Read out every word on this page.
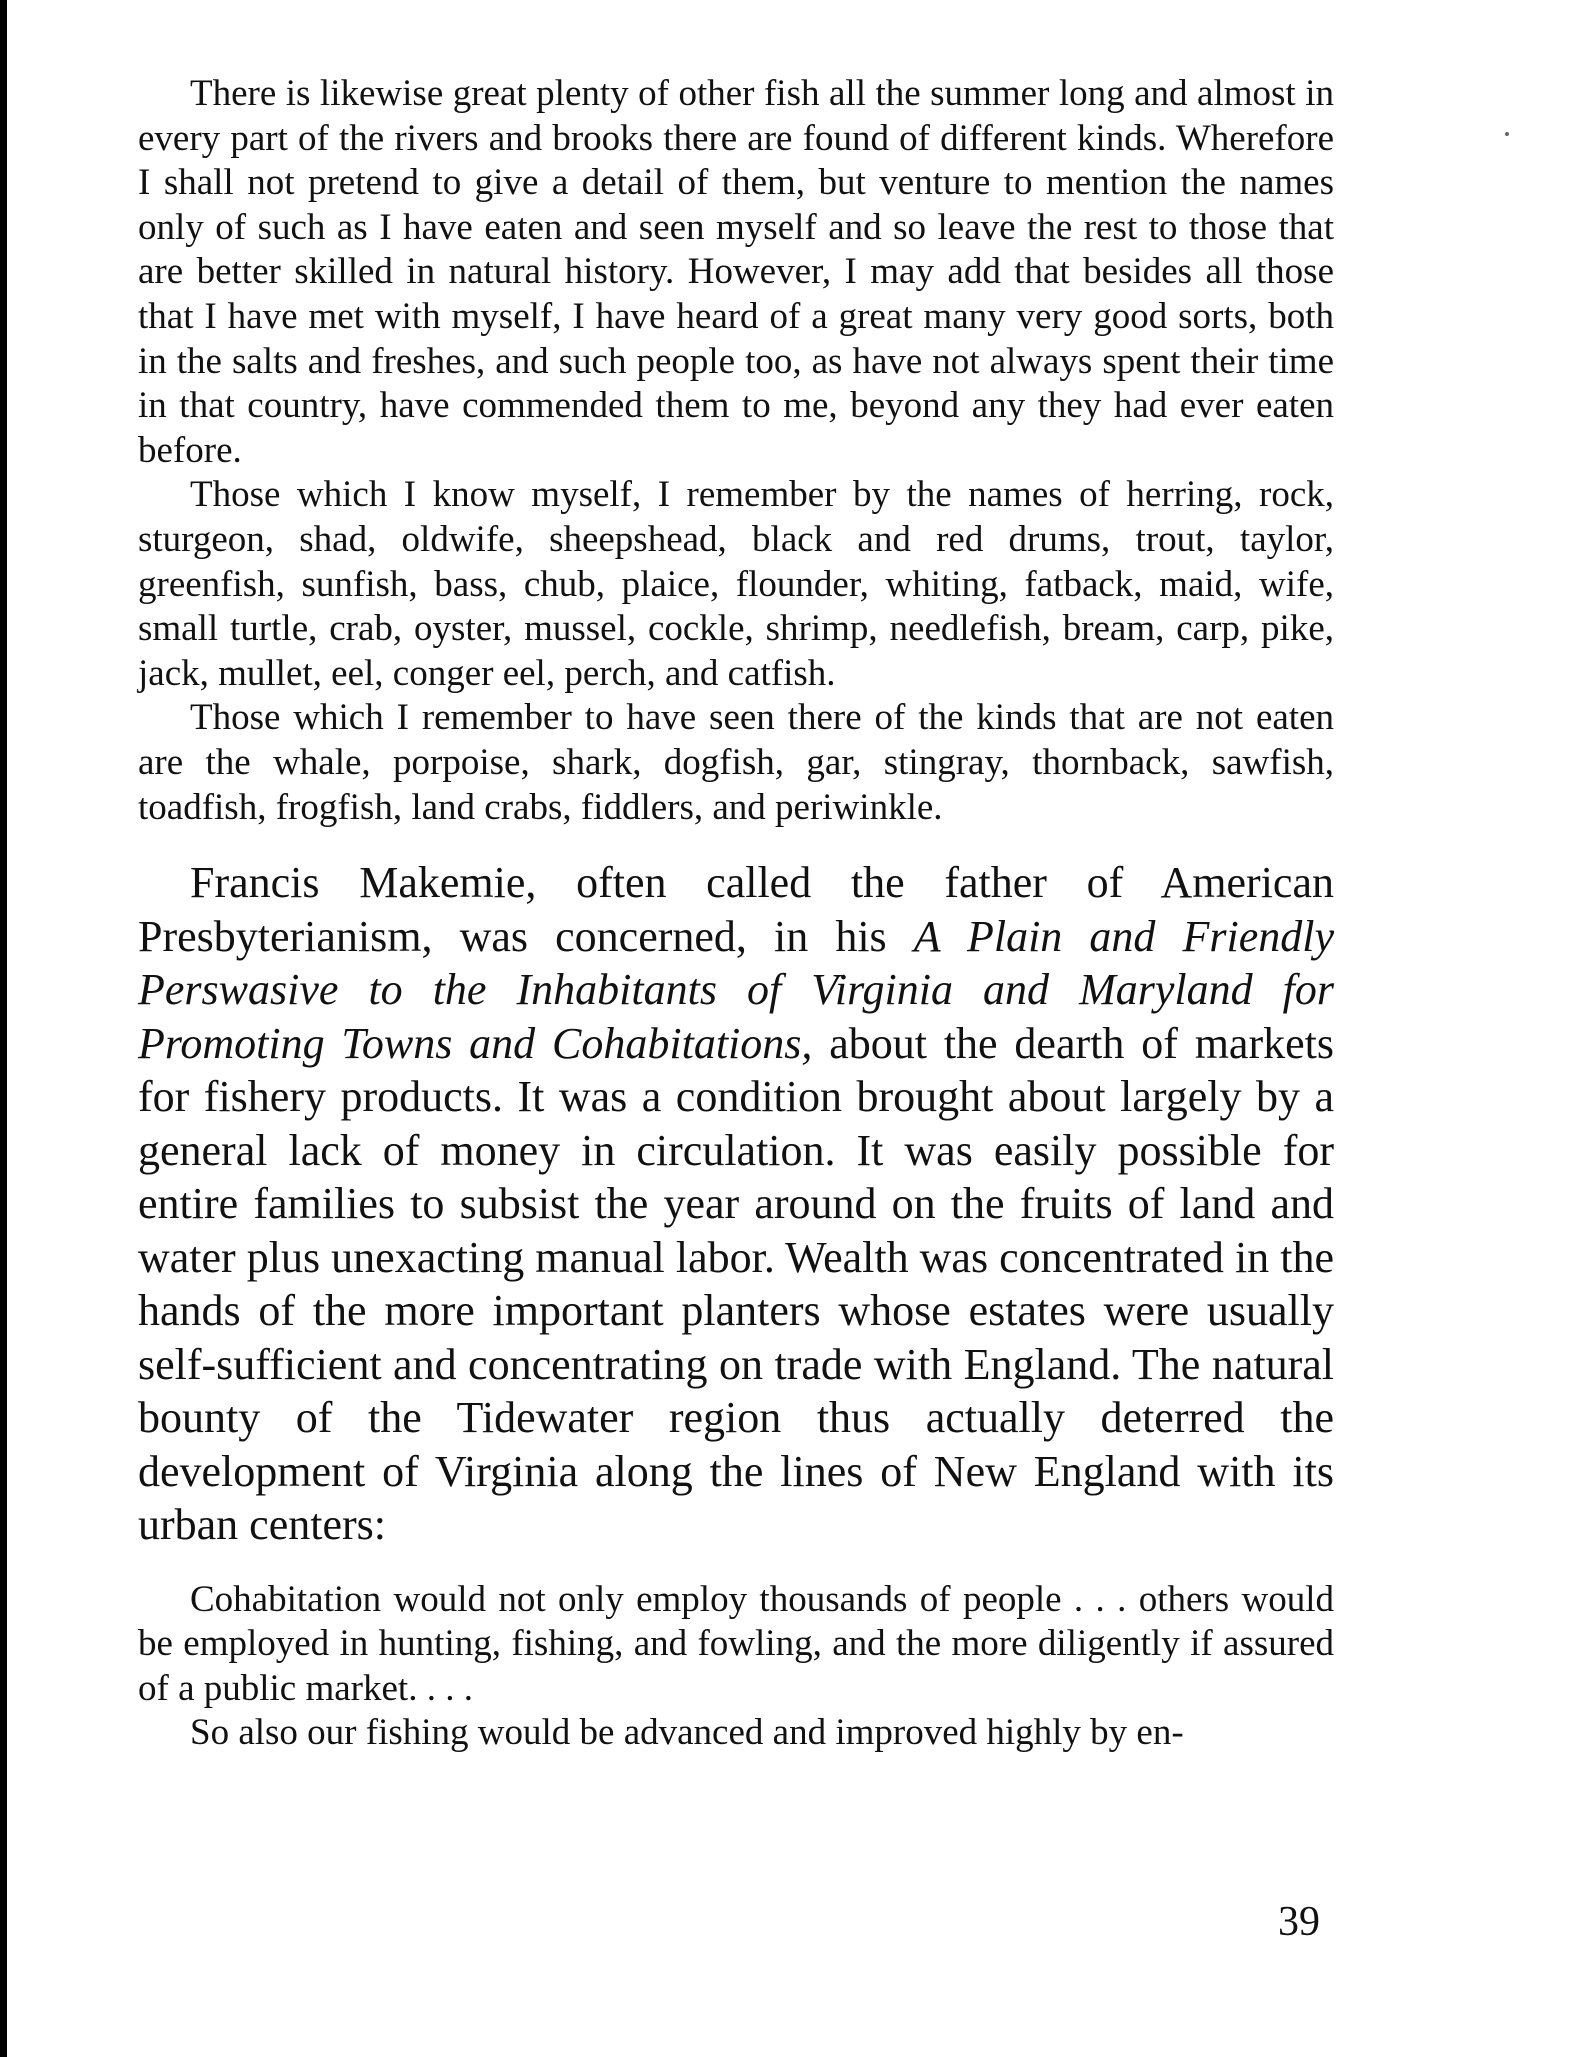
There is likewise great plenty of other fish all the summer long and almost in every part of the rivers and brooks there are found of different kinds. Wherefore I shall not pretend to give a detail of them, but venture to mention the names only of such as I have eaten and seen myself and so leave the rest to those that are better skilled in natural history. However, I may add that besides all those that I have met with myself, I have heard of a great many very good sorts, both in the salts and freshes, and such people too, as have not always spent their time in that country, have commended them to me, beyond any they had ever eaten before.

Those which I know myself, I remember by the names of herring, rock, sturgeon, shad, oldwife, sheepshead, black and red drums, trout, taylor, greenfish, sunfish, bass, chub, plaice, flounder, whiting, fatback, maid, wife, small turtle, crab, oyster, mussel, cockle, shrimp, needlefish, bream, carp, pike, jack, mullet, eel, conger eel, perch, and catfish.

Those which I remember to have seen there of the kinds that are not eaten are the whale, porpoise, shark, dogfish, gar, stingray, thornback, sawfish, toadfish, frogfish, land crabs, fiddlers, and periwinkle.

Francis Makemie, often called the father of American Presbyterianism, was concerned, in his A Plain and Friendly Perswasive to the Inhabitants of Virginia and Maryland for Promoting Towns and Cohabitations, about the dearth of markets for fishery products. It was a condition brought about largely by a general lack of money in circulation. It was easily possible for entire families to subsist the year around on the fruits of land and water plus unexacting manual labor. Wealth was concentrated in the hands of the more important planters whose estates were usually self-sufficient and concentrating on trade with England. The natural bounty of the Tidewater region thus actually deterred the development of Virginia along the lines of New England with its urban centers:

Cohabitation would not only employ thousands of people . . . others would be employed in hunting, fishing, and fowling, and the more diligently if assured of a public market. . . .

So also our fishing would be advanced and improved highly by en-

39
